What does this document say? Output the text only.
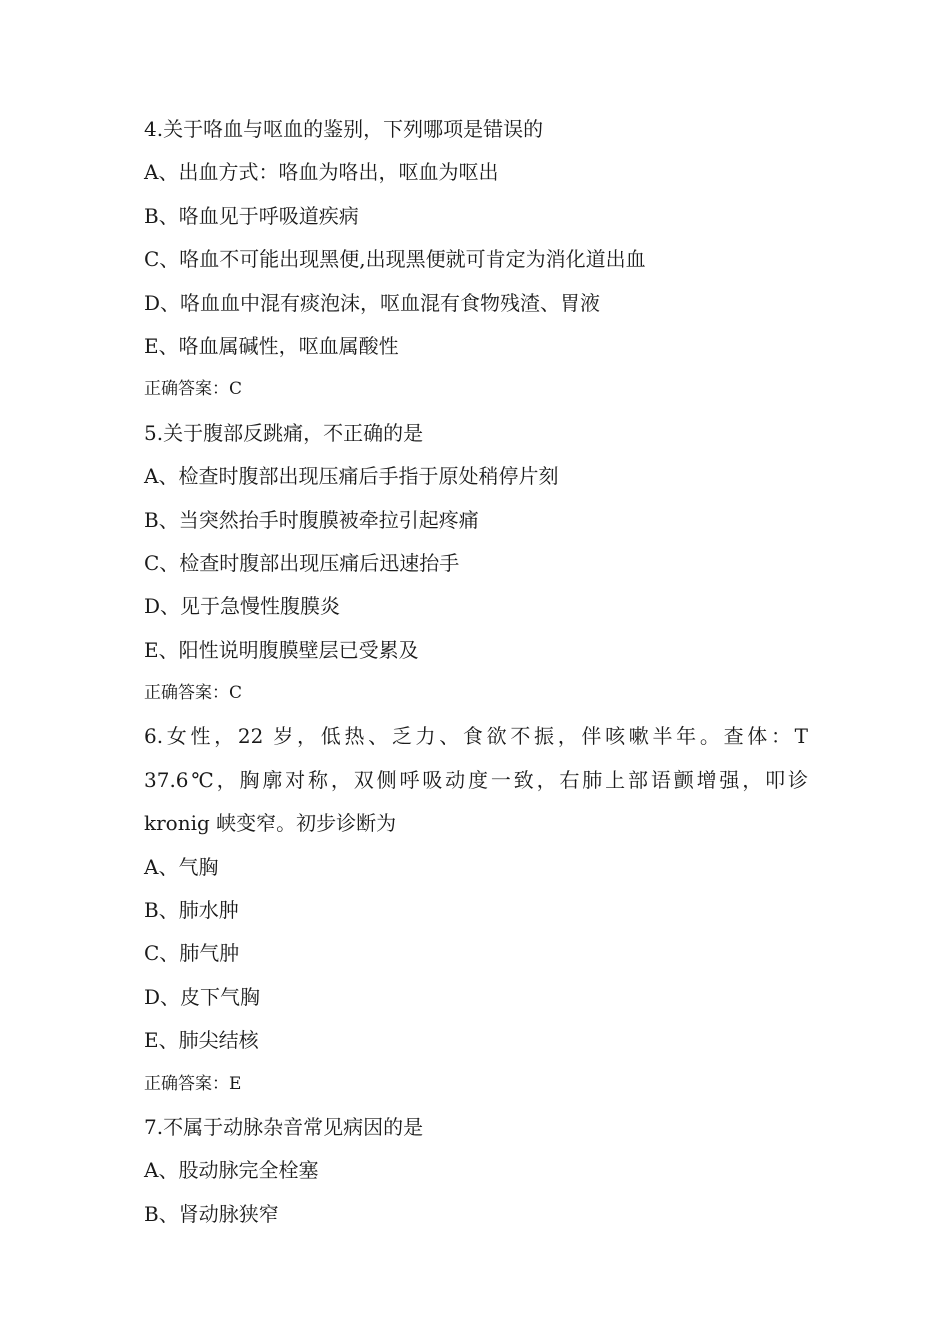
4.关于咯血与呕血的鉴别，下列哪项是错误的
A、出血方式：咯血为咯出，呕血为呕出
B、咯血见于呼吸道疾病
C、咯血不可能出现黑便,出现黑便就可肯定为消化道出血
D、咯血血中混有痰泡沫，呕血混有食物残渣、胃液
E、咯血属碱性，呕血属酸性
正确答案：C
5.关于腹部反跳痛，不正确的是
A、检查时腹部出现压痛后手指于原处稍停片刻
B、当突然抬手时腹膜被牵拉引起疼痛
C、检查时腹部出现压痛后迅速抬手
D、见于急慢性腹膜炎
E、阳性说明腹膜壁层已受累及
正确答案：C
6.女性，22 岁，低热、乏力、食欲不振，伴咳嗽半年。查体：T
37.6℃，胸廓对称，双侧呼吸动度一致，右肺上部语颤增强，叩诊
kronig 峡变窄。初步诊断为
A、气胸
B、肺水肿
C、肺气肿
D、皮下气胸
E、肺尖结核
正确答案：E
7.不属于动脉杂音常见病因的是
A、股动脉完全栓塞
B、肾动脉狭窄
